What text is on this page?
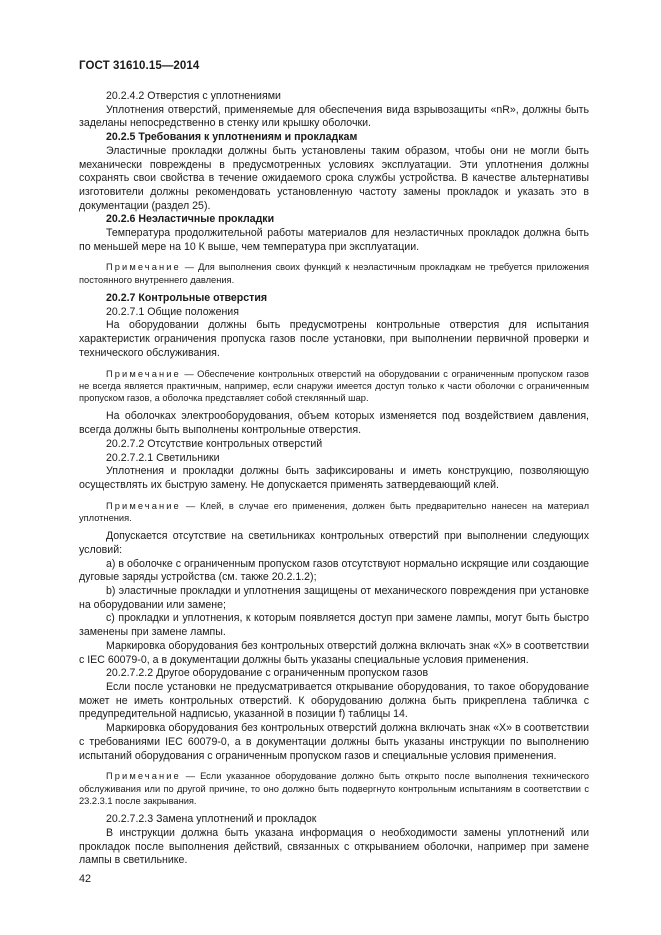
ГОСТ 31610.15—2014

20.2.4.2 Отверстия с уплотнениями

Уплотнения отверстий, применяемые для обеспечения вида взрывозащиты «nR», должны быть заделаны непосредственно в стенку или крышку оболочки.

20.2.5 Требования к уплотнениям и прокладкам

Эластичные прокладки должны быть установлены таким образом, чтобы они не могли быть механически повреждены в предусмотренных условиях эксплуатации. Эти уплотнения должны сохранять свои свойства в течение ожидаемого срока службы устройства. В качестве альтернативы изготовители должны рекомендовать установленную частоту замены прокладок и указать это в документации (раздел 25).

20.2.6 Неэластичные прокладки

Температура продолжительной работы материалов для неэластичных прокладок должна быть по меньшей мере на 10 К выше, чем температура при эксплуатации.

Примечание — Для выполнения своих функций к неэластичным прокладкам не требуется приложения постоянного внутреннего давления.

20.2.7 Контрольные отверстия

20.2.7.1 Общие положения

На оборудовании должны быть предусмотрены контрольные отверстия для испытания характеристик ограничения пропуска газов после установки, при выполнении первичной проверки и технического обслуживания.

Примечание — Обеспечение контрольных отверстий на оборудовании с ограниченным пропуском газов не всегда является практичным, например, если снаружи имеется доступ только к части оболочки с ограниченным пропуском газов, а оболочка представляет собой стеклянный шар.

На оболочках электрооборудования, объем которых изменяется под воздействием давления, всегда должны быть выполнены контрольные отверстия.

20.2.7.2 Отсутствие контрольных отверстий

20.2.7.2.1 Светильники

Уплотнения и прокладки должны быть зафиксированы и иметь конструкцию, позволяющую осуществлять их быструю замену. Не допускается применять затвердевающий клей.

Примечание — Клей, в случае его применения, должен быть предварительно нанесен на материал уплотнения.

Допускается отсутствие на светильниках контрольных отверстий при выполнении следующих условий:

a) в оболочке с ограниченным пропуском газов отсутствуют нормально искрящие или создающие дуговые заряды устройства (см. также 20.2.1.2);

b) эластичные прокладки и уплотнения защищены от механического повреждения при установке на оборудовании или замене;

c) прокладки и уплотнения, к которым появляется доступ при замене лампы, могут быть быстро заменены при замене лампы.

Маркировка оборудования без контрольных отверстий должна включать знак «Х» в соответствии с IEC 60079-0, а в документации должны быть указаны специальные условия применения.

20.2.7.2.2 Другое оборудование с ограниченным пропуском газов

Если после установки не предусматривается открывание оборудования, то такое оборудование может не иметь контрольных отверстий. К оборудованию должна быть прикреплена табличка с предупредительной надписью, указанной в позиции f) таблицы 14.

Маркировка оборудования без контрольных отверстий должна включать знак «Х» в соответствии с требованиями IEC 60079-0, а в документации должны быть указаны инструкции по выполнению испытаний оборудования с ограниченным пропуском газов и специальные условия применения.

Примечание — Если указанное оборудование должно быть открыто после выполнения технического обслуживания или по другой причине, то оно должно быть подвергнуто контрольным испытаниям в соответствии с 23.2.3.1 после закрывания.

20.2.7.2.3 Замена уплотнений и прокладок

В инструкции должна быть указана информация о необходимости замены уплотнений или прокладок после выполнения действий, связанных с открыванием оболочки, например при замене лампы в светильнике.

42
